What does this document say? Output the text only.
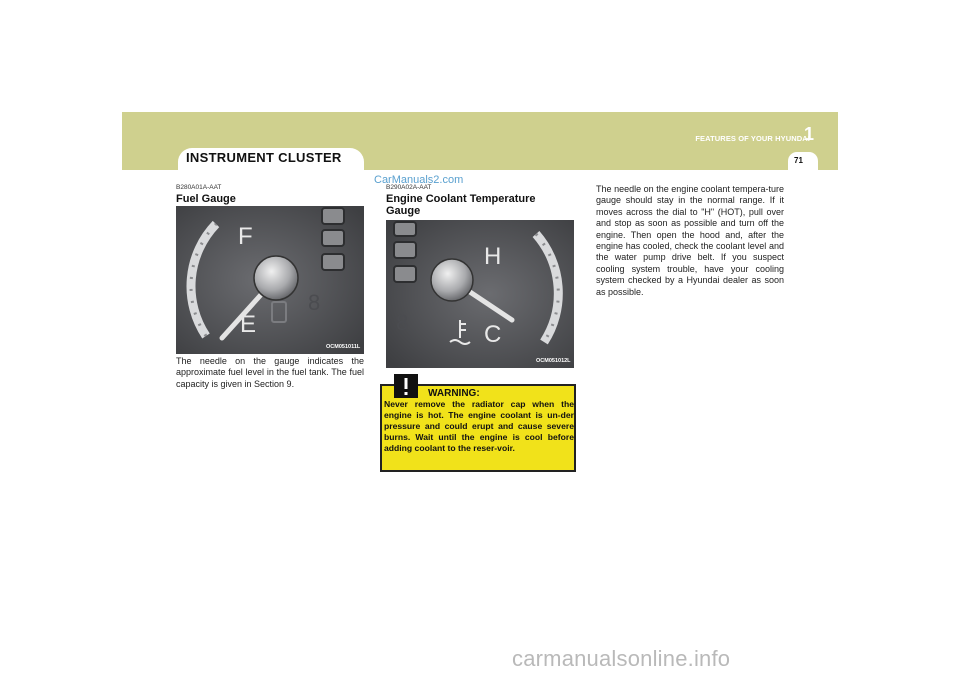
INSTRUMENT CLUSTER
FEATURES OF YOUR HYUNDAI
1
71
B280A01A-AAT
Fuel Gauge
F
E
8
OCM051011L
The needle on the gauge indicates the approximate fuel level in the fuel tank. The fuel capacity is given in Section 9.
CarManuals2.com
B290A02A-AAT
Engine Coolant Temperature
Gauge
H
C
8
OCM051012L
WARNING:
Never remove the radiator cap when the engine is hot. The engine coolant is un-der pressure and could erupt and cause severe burns. Wait until the engine is cool before adding coolant to the reser-voir.
The needle on the engine coolant tempera-ture gauge should stay in the normal range. If it moves across the dial to "H" (HOT), pull over and stop as soon as possible and turn off the engine. Then open the hood and, after the engine has cooled, check the coolant level and the water pump drive belt. If you suspect cooling system trouble, have your cooling system checked by a Hyundai dealer as soon as possible.
carmanualsonline.info
